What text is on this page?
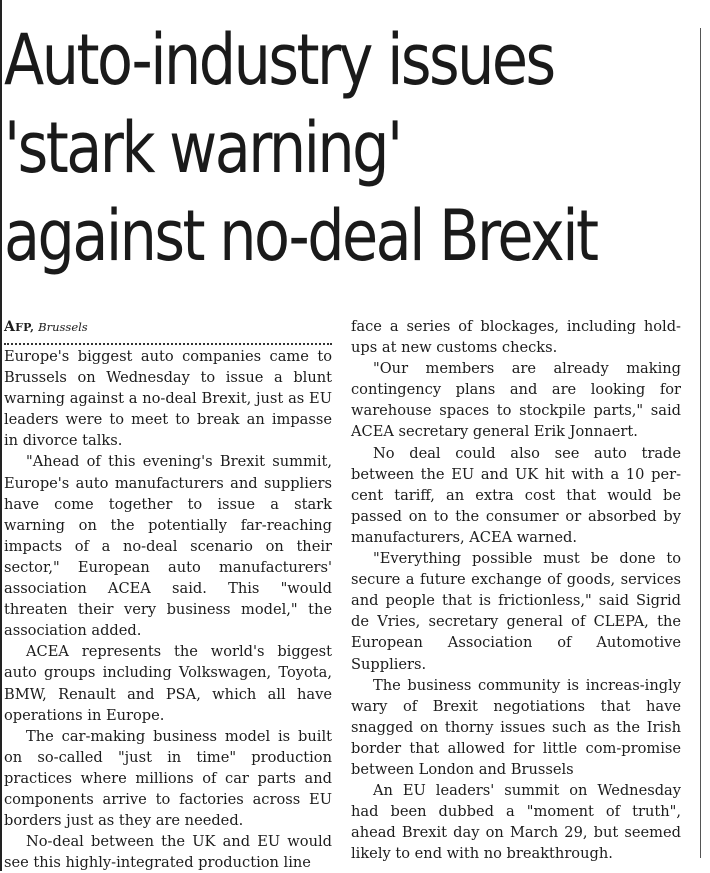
Auto-industry issues
'stark warning'
against no-deal Brexit
AFP, Brussels

Europe's biggest auto companies came to Brussels on Wednesday to issue a blunt warning against a no-deal Brexit, just as EU leaders were to meet to break an impasse in divorce talks.

"Ahead of this evening's Brexit summit, Europe's auto manufacturers and suppliers have come together to issue a stark warning on the potentially far-reaching impacts of a no-deal scenario on their sector," European auto manufacturers' association ACEA said. This "would threaten their very business model," the association added.

ACEA represents the world's biggest auto groups including Volkswagen, Toyota, BMW, Renault and PSA, which all have operations in Europe.

The car-making business model is built on so-called "just in time" production practices where millions of car parts and components arrive to factories across EU borders just as they are needed.

No-deal between the UK and EU would see this highly-integrated production line

face a series of blockages, including hold-ups at new customs checks.

"Our members are already making contingency plans and are looking for warehouse spaces to stockpile parts," said ACEA secretary general Erik Jonnaert.

No deal could also see auto trade between the EU and UK hit with a 10 per-cent tariff, an extra cost that would be passed on to the consumer or absorbed by manufacturers, ACEA warned.

"Everything possible must be done to secure a future exchange of goods, services and people that is frictionless," said Sigrid de Vries, secretary general of CLEPA, the European Association of Automotive Suppliers.

The business community is increas-ingly wary of Brexit negotiations that have snagged on thorny issues such as the Irish border that allowed for little com-promise between London and Brussels

An EU leaders' summit on Wednesday had been dubbed a "moment of truth", ahead Brexit day on March 29, but seemed likely to end with no breakthrough.
